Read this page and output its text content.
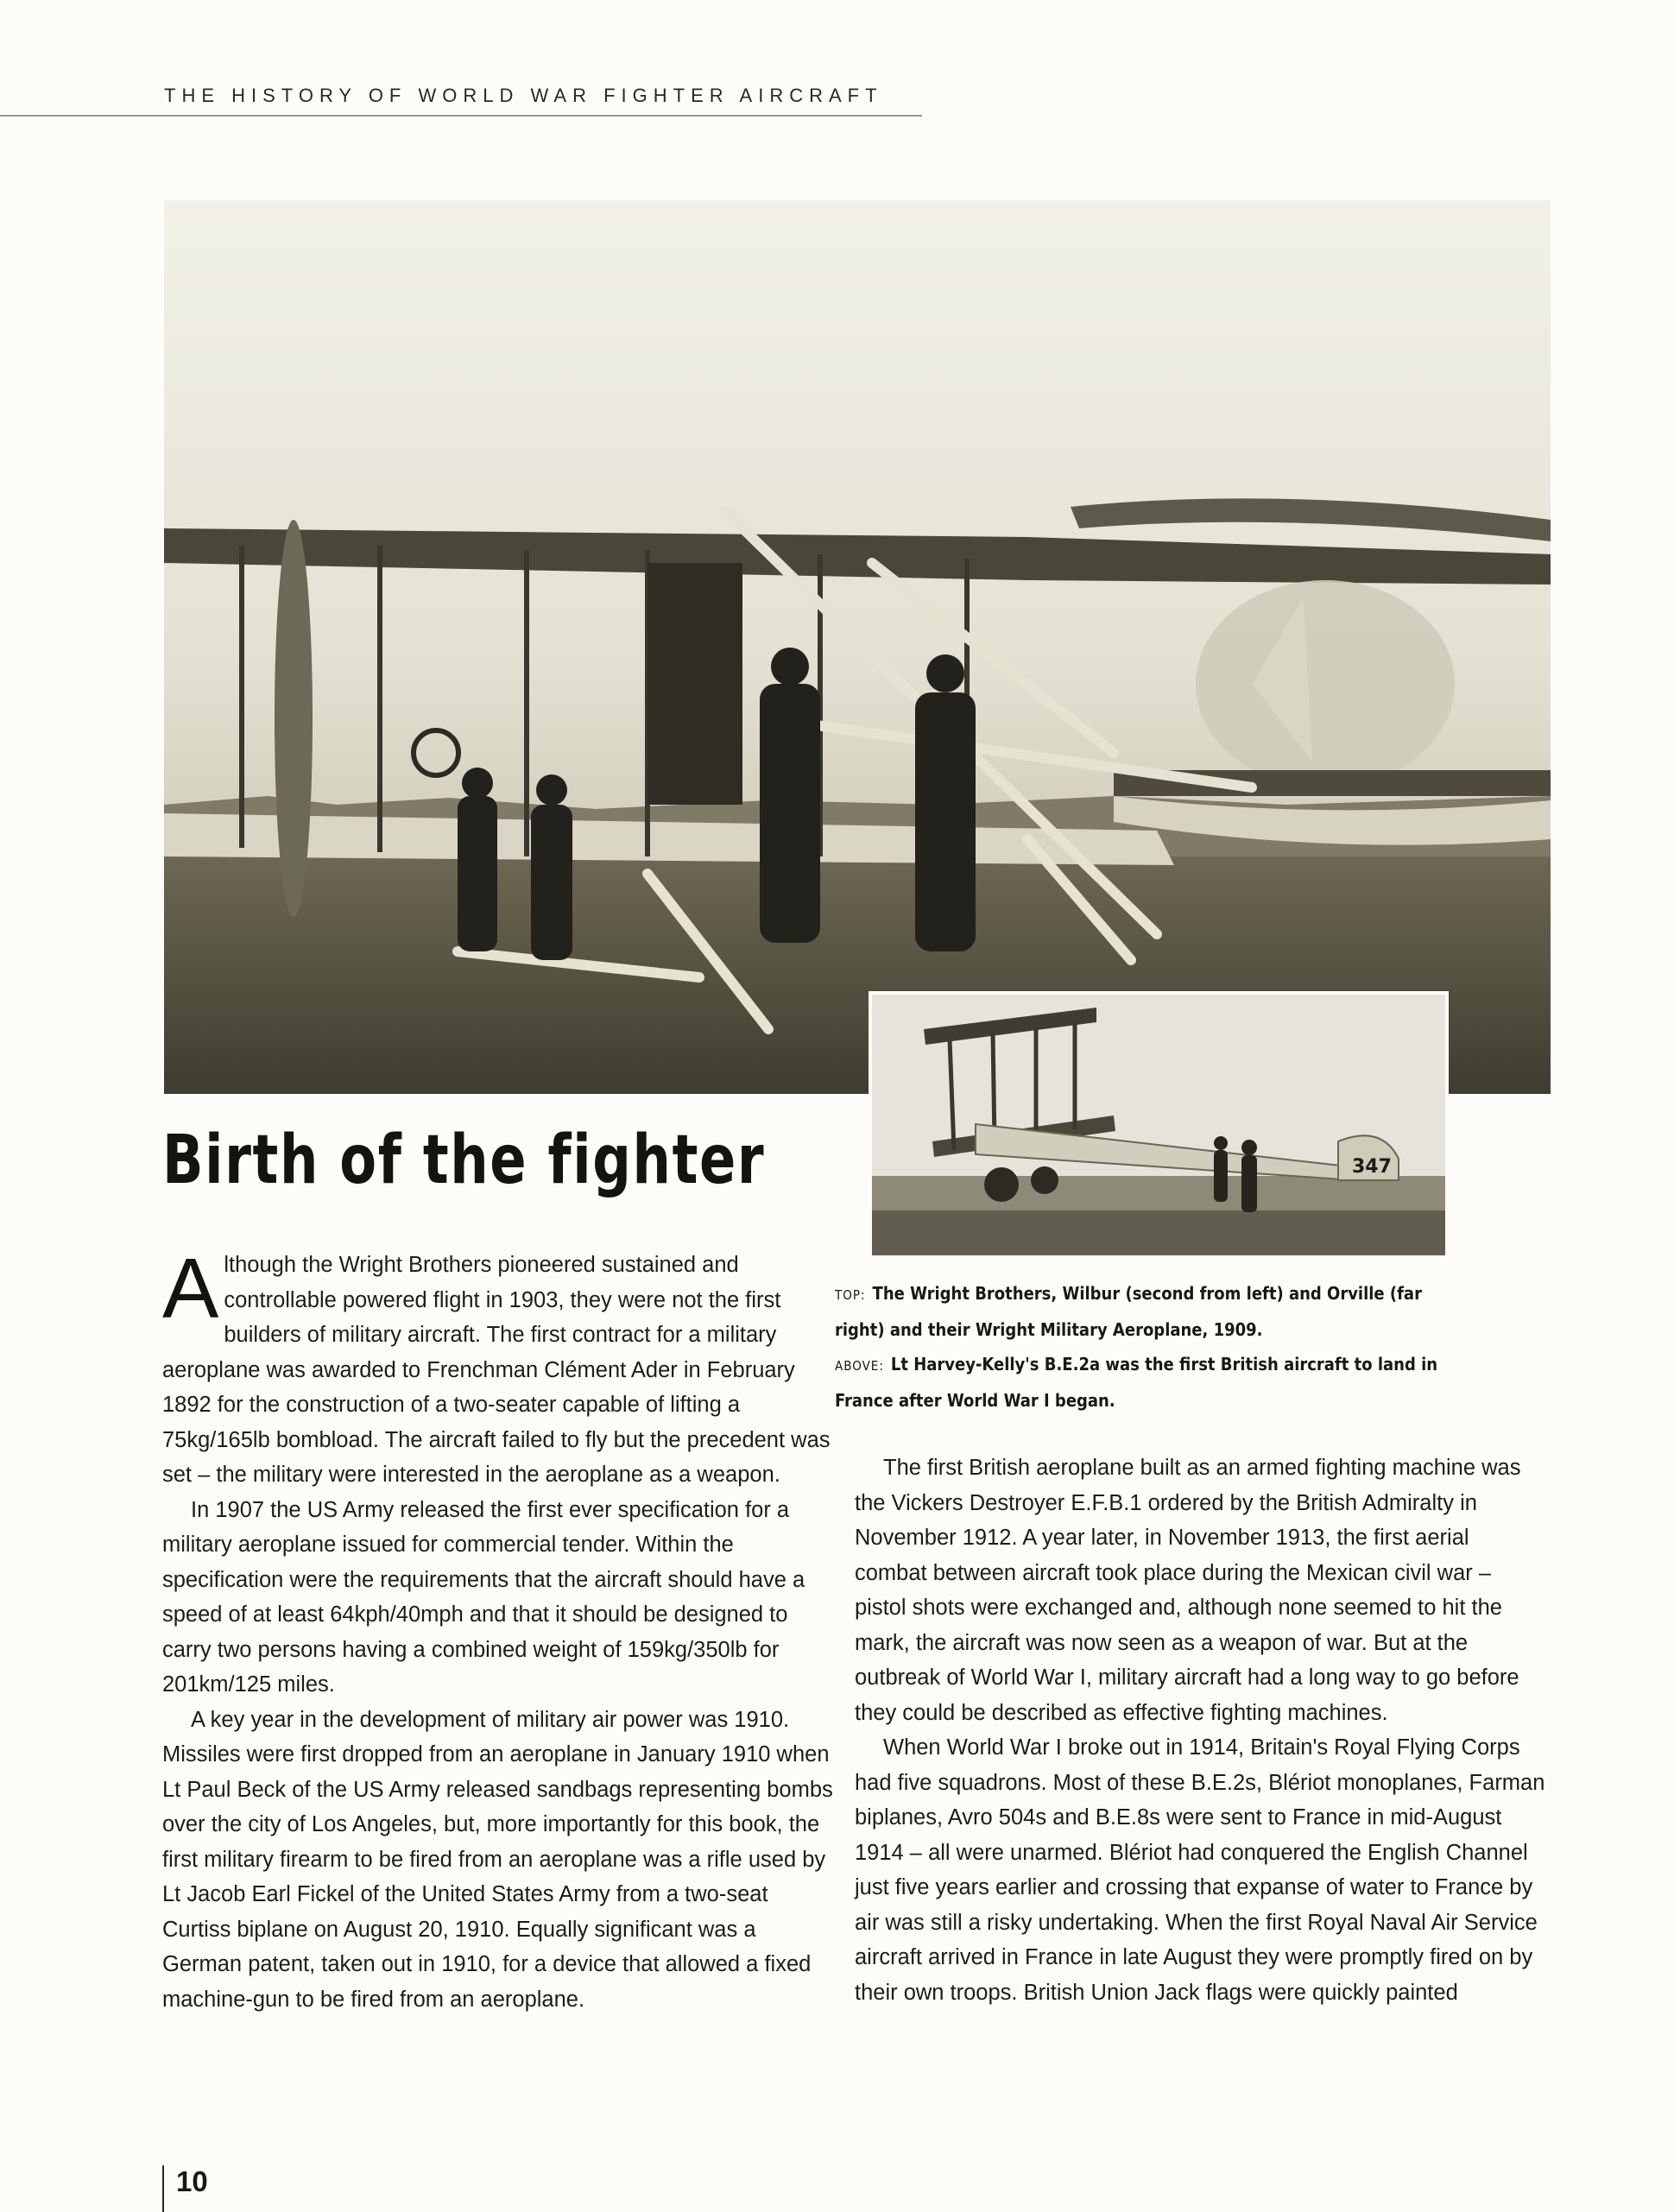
THE HISTORY OF WORLD WAR FIGHTER AIRCRAFT
347
Birth of the fighter

TOP: The Wright Brothers, Wilbur (second from left) and Orville (far right) and their Wright Military Aeroplane, 1909.

ABOVE: Lt Harvey-Kelly's B.E.2a was the first British aircraft to land in France after World War I began.

Although the Wright Brothers pioneered sustained and controllable powered flight in 1903, they were not the first builders of military aircraft. The first contract for a military aeroplane was awarded to Frenchman Clément Ader in February 1892 for the construction of a two-seater capable of lifting a 75kg/165lb bombload. The aircraft failed to fly but the precedent was set – the military were interested in the aeroplane as a weapon.

In 1907 the US Army released the first ever specification for a military aeroplane issued for commercial tender. Within the specification were the requirements that the aircraft should have a speed of at least 64kph/40mph and that it should be designed to carry two persons having a combined weight of 159kg/350lb for 201km/125 miles.

A key year in the development of military air power was 1910. Missiles were first dropped from an aeroplane in January 1910 when Lt Paul Beck of the US Army released sandbags representing bombs over the city of Los Angeles, but, more importantly for this book, the first military firearm to be fired from an aeroplane was a rifle used by Lt Jacob Earl Fickel of the United States Army from a two-seat Curtiss biplane on August 20, 1910. Equally significant was a German patent, taken out in 1910, for a device that allowed a fixed machine-gun to be fired from an aeroplane.

The first British aeroplane built as an armed fighting machine was the Vickers Destroyer E.F.B.1 ordered by the British Admiralty in November 1912. A year later, in November 1913, the first aerial combat between aircraft took place during the Mexican civil war – pistol shots were exchanged and, although none seemed to hit the mark, the aircraft was now seen as a weapon of war. But at the outbreak of World War I, military aircraft had a long way to go before they could be described as effective fighting machines.

When World War I broke out in 1914, Britain's Royal Flying Corps had five squadrons. Most of these B.E.2s, Blériot monoplanes, Farman biplanes, Avro 504s and B.E.8s were sent to France in mid-August 1914 – all were unarmed. Blériot had conquered the English Channel just five years earlier and crossing that expanse of water to France by air was still a risky undertaking. When the first Royal Naval Air Service aircraft arrived in France in late August they were promptly fired on by their own troops. British Union Jack flags were quickly painted

10
